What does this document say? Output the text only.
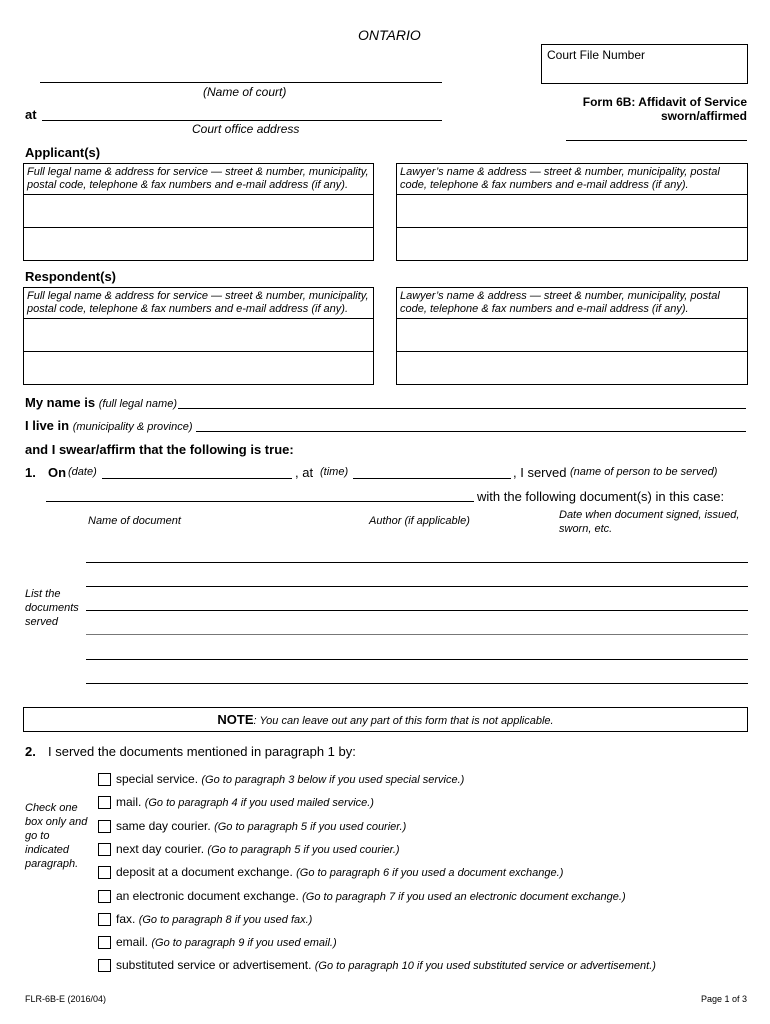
ONTARIO
Court File Number
(Name of court)
at
Court office address
Form 6B: Affidavit of Service
sworn/affirmed
Applicant(s)
Full legal name & address for service — street & number, municipality, postal code, telephone & fax numbers and e-mail address (if any).
Lawyer’s name & address — street & number, municipality, postal code, telephone & fax numbers and e-mail address (if any).
Respondent(s)
Full legal name & address for service — street & number, municipality, postal code, telephone & fax numbers and e-mail address (if any).
Lawyer’s name & address — street & number, municipality, postal code, telephone & fax numbers and e-mail address (if any).
My name is (full legal name)
I live in (municipality & province)
and I swear/affirm that the following is true:
1. On (date)	, at (time)	, I served (name of person to be served)
with the following document(s) in this case:
Name of document	Author (if applicable)	Date when document signed, issued, sworn, etc.
List the documents served
NOTE: You can leave out any part of this form that is not applicable.
2. I served the documents mentioned in paragraph 1 by:
Check one box only and go to indicated paragraph.
special service. (Go to paragraph 3 below if you used special service.)
mail. (Go to paragraph 4 if you used mailed service.)
same day courier. (Go to paragraph 5 if you used courier.)
next day courier. (Go to paragraph 5 if you used courier.)
deposit at a document exchange. (Go to paragraph 6 if you used a document exchange.)
an electronic document exchange. (Go to paragraph 7 if you used an electronic document exchange.)
fax. (Go to paragraph 8 if you used fax.)
email. (Go to paragraph 9 if you used email.)
substituted service or advertisement. (Go to paragraph 10 if you used substituted service or advertisement.)
FLR-6B-E (2016/04)	Page 1 of 3
